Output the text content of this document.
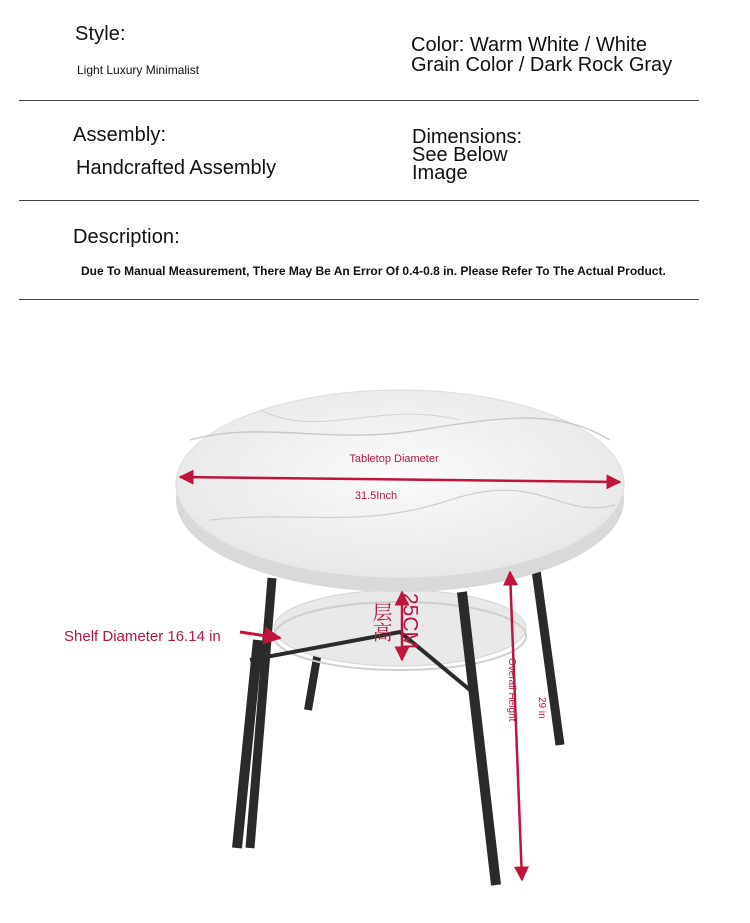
Style:
Light Luxury Minimalist
Color: Warm White / White
Grain Color / Dark Rock Gray
Assembly:
Handcrafted Assembly
Dimensions:
See Below
Image
Description:
Due To Manual Measurement, There May Be An Error Of 0.4-0.8 in. Please Refer To The Actual Product.
Tabletop Diameter
31.5Inch
Shelf Diameter 16.14 in	层高 25CM
Overall Height 29 in
